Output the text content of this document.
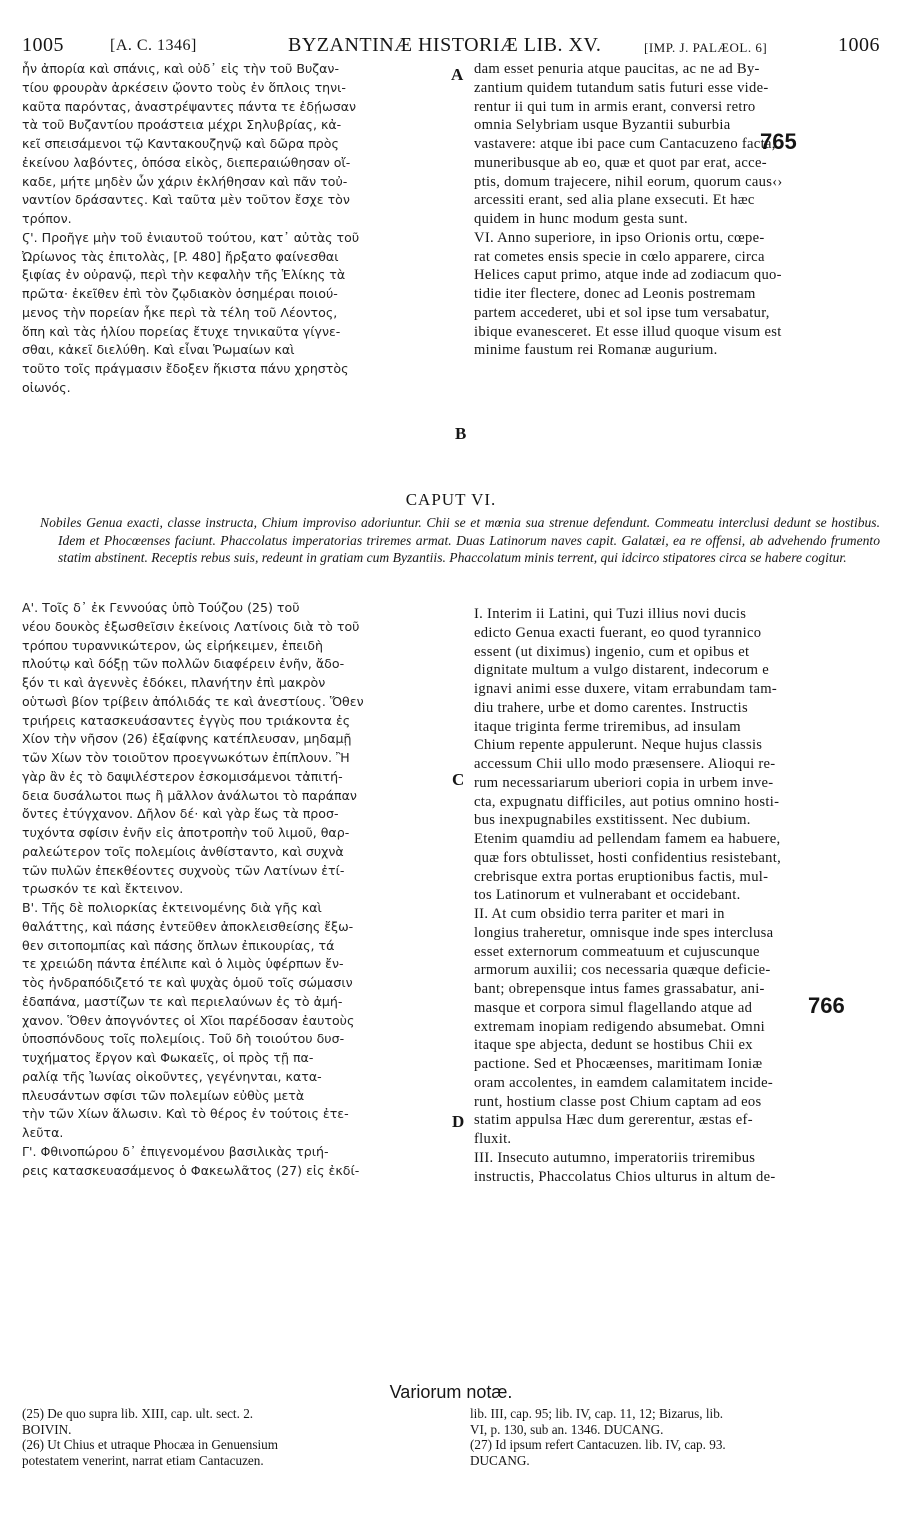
1005	[A. C. 1346]	BYZANTINÆ HISTORIÆ LIB. XV.	[IMP. J. PALÆOL. 6]	1006

ἦν ἀπορία καὶ σπάνις, καὶ οὐδ᾽ εἰς τὴν τοῦ Βυζαν-

τίου φρουρὰν ἀρκέσειν ᾤοντο τοὺς ἐν ὅπλοις τηνι-

καῦτα παρόντας, ἀναστρέψαντες πάντα τε ἐδῄωσαν

τὰ τοῦ Βυζαντίου προάστεια μέχρι Σηλυβρίας, κἀ-

κεῖ σπεισάμενοι τῷ Καντακουζηνῷ καὶ δῶρα πρὸς

ἐκείνου λαβόντες, ὁπόσα εἰκὸς, διεπεραιώθησαν οἴ-

καδε, μήτε μηδὲν ὧν χάριν ἐκλήθησαν καὶ πᾶν τοὐ-

ναντίον δράσαντες. Καὶ ταῦτα μὲν τοῦτον ἔσχε τὸν

τρόπον.

Ϛ'. Προῆγε μὴν τοῦ ἐνιαυτοῦ τούτου, κατ᾽ αὐτὰς τοῦ

Ὠρίωνος τὰς ἐπιτολὰς, [P. 480] ἤρξατο φαίνεσθαι

ξιφίας ἐν οὐρανῷ, περὶ τὴν κεφαλὴν τῆς Ἑλίκης τὰ

πρῶτα· ἐκεῖθεν ἐπὶ τὸν ζῳδιακὸν ὁσημέραι ποιού-

μενος τὴν πορείαν ἧκε περὶ τὰ τέλη τοῦ Λέοντος,

ὅπη καὶ τὰς ἡλίου πορείας ἔτυχε τηνικαῦτα γίγνε-

σθαι, κἀκεῖ διελύθη. Καὶ εἶναι Ῥωμαίων καὶ

τοῦτο τοῖς πράγμασιν ἔδοξεν ἥκιστα πάνυ χρηστὸς

οἰωνός.

dam esset penuria atque paucitas, ac ne ad By-

zantium quidem tutandum satis futuri esse vide-

rentur ii qui tum in armis erant, conversi retro

omnia Selybriam usque Byzantii suburbia

vastavere: atque ibi pace cum Cantacuzeno facta,

muneribusque ab eo, quæ et quot par erat, acce-

ptis, domum trajecere, nihil eorum, quorum caus‹›

arcessiti erant, sed alia plane exsecuti. Et hæc

quidem in hunc modum gesta sunt.

VI. Anno superiore, in ipso Orionis ortu, cœpe-

rat cometes ensis specie in cœlo apparere, circa

Helices caput primo, atque inde ad zodiacum quo-

tidie iter flectere, donec ad Leonis postremam

partem accederet, ubi et sol ipse tum versabatur,

ibique evanesceret. Et esse illud quoque visum est

minime faustum rei Romanæ augurium.

A
B
C
D
765
766
CAPUT VI.
Nobiles Genua exacti, classe instructa, Chium improviso adoriuntur. Chii se et mœnia sua strenue defendunt. Commeatu interclusi dedunt se hostibus. Idem et Phocœenses faciunt. Phaccolatus imperatorias triremes armat. Duas Latinorum naves capit. Galatæi, ea re offensi, ab advehendo frumento statim abstinent. Receptis rebus suis, redeunt in gratiam cum Byzantiis. Phaccolatum minis terrent, qui idcirco stipatores circa se habere cogitur.

Α'. Τοῖς δ᾽ ἐκ Γεννούας ὑπὸ Τούζου (25) τοῦ

νέου δουκὸς ἐξωσθεῖσιν ἐκείνοις Λατίνοις διὰ τὸ τοῦ

τρόπου τυραννικώτερον, ὡς εἰρήκειμεν, ἐπειδὴ

πλούτῳ καὶ δόξῃ τῶν πολλῶν διαφέρειν ἐνῆν, ἄδο-

ξόν τι καὶ ἀγεννὲς ἐδόκει, πλανήτην ἐπὶ μακρὸν

οὑτωσὶ βίον τρίβειν ἀπόλιδάς τε καὶ ἀνεστίους. Ὅθεν

τριήρεις κατασκευάσαντες ἐγγὺς που τριάκοντα ἐς

Χίον τὴν νῆσον (26) ἐξαίφνης κατέπλευσαν, μηδαμῇ

τῶν Χίων τὸν τοιοῦτον προεγνωκότων ἐπίπλουν. Ἢ

γὰρ ἂν ἐς τὸ δαψιλέστερον ἐσκομισάμενοι τἀπιτή-

δεια δυσάλωτοι πως ἢ μᾶλλον ἀνάλωτοι τὸ παράπαν

ὄντες ἐτύγχανον. Δῆλον δέ· καὶ γὰρ ἕως τὰ προσ-

τυχόντα σφίσιν ἐνῆν εἰς ἀποτροπὴν τοῦ λιμοῦ, θαρ-

ραλεώτερον τοῖς πολεμίοις ἀνθίσταντο, καὶ συχνὰ

τῶν πυλῶν ἐπεκθέοντες συχνοὺς τῶν Λατίνων ἐτί-

τρωσκόν τε καὶ ἔκτεινον.

Β'. Τῆς δὲ πολιορκίας ἐκτεινομένης διὰ γῆς καὶ

θαλάττης, καὶ πάσης ἐντεῦθεν ἀποκλεισθείσης ἔξω-

θεν σιτοπομπίας καὶ πάσης ὅπλων ἐπικουρίας, τά

τε χρειώδη πάντα ἐπέλιπε καὶ ὁ λιμὸς ὑφέρπων ἔν-

τὸς ἠνδραπόδιζετό τε καὶ ψυχὰς ὁμοῦ τοῖς σώμασιν

ἐδαπάνα, μαστίζων τε καὶ περιελαύνων ἐς τὸ ἀμή-

χανον. Ὅθεν ἀπογνόντες οἱ Χῖοι παρέδοσαν ἑαυτοὺς

ὑποσπόνδους τοῖς πολεμίοις. Τοῦ δὴ τοιούτου δυσ-

τυχήματος ἔργον καὶ Φωκαεῖς, οἱ πρὸς τῇ πα-

ραλίᾳ τῆς Ἰωνίας οἰκοῦντες, γεγένηνται, κατα-

πλευσάντων σφίσι τῶν πολεμίων εὐθὺς μετὰ

τὴν τῶν Χίων ἅλωσιν. Καὶ τὸ θέρος ἐν τούτοις ἐτε-

λεῦτα.

Γ'. Φθινοπώρου δ᾽ ἐπιγενομένου βασιλικὰς τριή-

ρεις κατασκευασάμενος ὁ Φακεωλᾶτος (27) εἰς ἐκδί-

I. Interim ii Latini, qui Tuzi illius novi ducis

edicto Genua exacti fuerant, eo quod tyrannico

essent (ut diximus) ingenio, cum et opibus et

dignitate multum a vulgo distarent, indecorum e

ignavi animi esse duxere, vitam errabundam tam-

diu trahere, urbe et domo carentes. Instructis

itaque triginta ferme triremibus, ad insulam

Chium repente appulerunt. Neque hujus classis

accessum Chii ullo modo præsensere. Alioqui re-

rum necessariarum uberiori copia in urbem inve-

cta, expugnatu difficiles, aut potius omnino hosti-

bus inexpugnabiles exstitissent. Nec dubium.

Etenim quamdiu ad pellendam famem ea habuere,

quæ fors obtulisset, hosti confidentius resistebant,

crebrisque extra portas eruptionibus factis, mul-

tos Latinorum et vulnerabant et occidebant.

II. At cum obsidio terra pariter et mari in

longius traheretur, omnisque inde spes interclusa

esset externorum commeatuum et cujuscunque

armorum auxilii; cos necessaria quæque deficie-

bant; obrepensque intus fames grassabatur, ani-

masque et corpora simul flagellando atque ad

extremam inopiam redigendo absumebat. Omni

itaque spe abjecta, dedunt se hostibus Chii ex

pactione. Sed et Phocæenses, maritimam Ioniæ

oram accolentes, in eamdem calamitatem incide-

runt, hostium classe post Chium captam ad eos

statim appulsa Hæc dum gererentur, æstas ef-

fluxit.

III. Insecuto autumno, imperatoriis triremibus

instructis, Phaccolatus Chios ulturus in altum de-

Variorum notæ.

(25) De quo supra lib. XIII, cap. ult. sect. 2.

BOIVIN.

(26) Ut Chius et utraque Phocæa in Genuensium

potestatem venerint, narrat etiam Cantacuzen.

lib. III, cap. 95; lib. IV, cap. 11, 12; Bizarus, lib.

VI, p. 130, sub an. 1346. DUCANG.

(27) Id ipsum refert Cantacuzen. lib. IV, cap. 93.

DUCANG.
